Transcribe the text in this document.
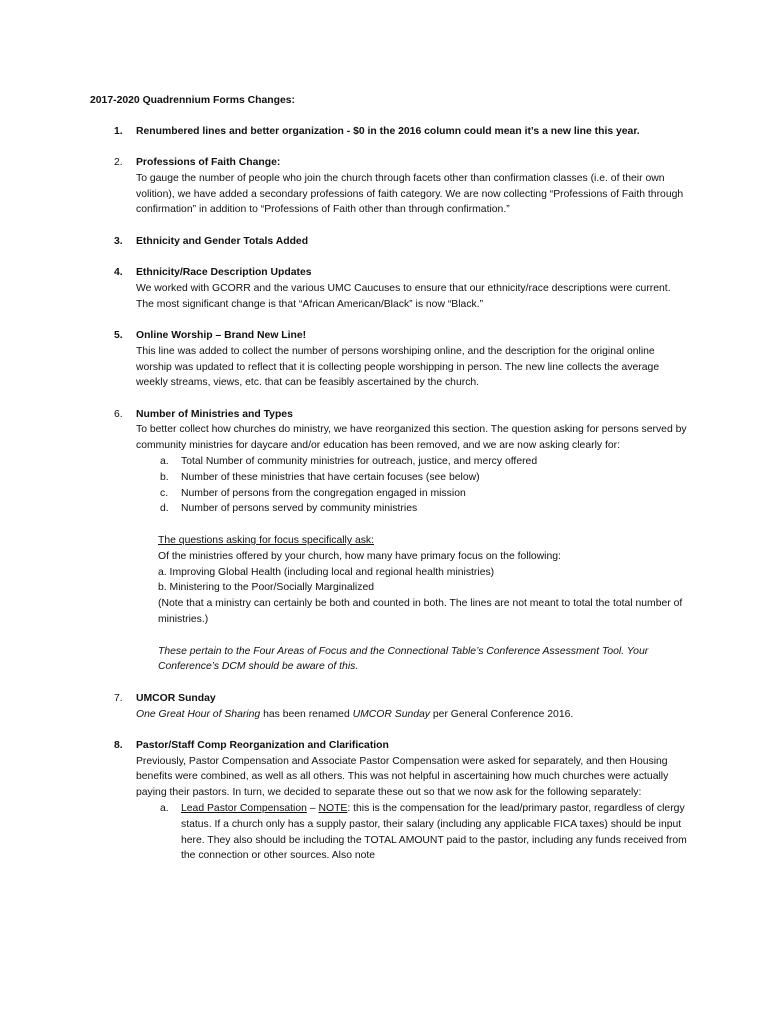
2017-2020 Quadrennium Forms Changes:
1. Renumbered lines and better organization - $0 in the 2016 column could mean it’s a new line this year.
2. Professions of Faith Change:
To gauge the number of people who join the church through facets other than confirmation classes (i.e. of their own volition), we have added a secondary professions of faith category. We are now collecting “Professions of Faith through confirmation” in addition to “Professions of Faith other than through confirmation.”
3. Ethnicity and Gender Totals Added
4. Ethnicity/Race Description Updates
We worked with GCORR and the various UMC Caucuses to ensure that our ethnicity/race descriptions were current. The most significant change is that “African American/Black” is now “Black.”
5. Online Worship – Brand New Line!
This line was added to collect the number of persons worshiping online, and the description for the original online worship was updated to reflect that it is collecting people worshipping in person. The new line collects the average weekly streams, views, etc. that can be feasibly ascertained by the church.
6. Number of Ministries and Types
To better collect how churches do ministry, we have reorganized this section. The question asking for persons served by community ministries for daycare and/or education has been removed, and we are now asking clearly for:
a. Total Number of community ministries for outreach, justice, and mercy offered
b. Number of these ministries that have certain focuses (see below)
c. Number of persons from the congregation engaged in mission
d. Number of persons served by community ministries
The questions asking for focus specifically ask:
Of the ministries offered by your church, how many have primary focus on the following:
a. Improving Global Health (including local and regional health ministries)
b. Ministering to the Poor/Socially Marginalized
(Note that a ministry can certainly be both and counted in both. The lines are not meant to total the total number of ministries.)
These pertain to the Four Areas of Focus and the Connectional Table’s Conference Assessment Tool. Your Conference’s DCM should be aware of this.
7. UMCOR Sunday
One Great Hour of Sharing has been renamed UMCOR Sunday per General Conference 2016.
8. Pastor/Staff Comp Reorganization and Clarification
Previously, Pastor Compensation and Associate Pastor Compensation were asked for separately, and then Housing benefits were combined, as well as all others. This was not helpful in ascertaining how much churches were actually paying their pastors. In turn, we decided to separate these out so that we now ask for the following separately:
a. Lead Pastor Compensation – NOTE: this is the compensation for the lead/primary pastor, regardless of clergy status. If a church only has a supply pastor, their salary (including any applicable FICA taxes) should be input here. They also should be including the TOTAL AMOUNT paid to the pastor, including any funds received from the connection or other sources. Also note
